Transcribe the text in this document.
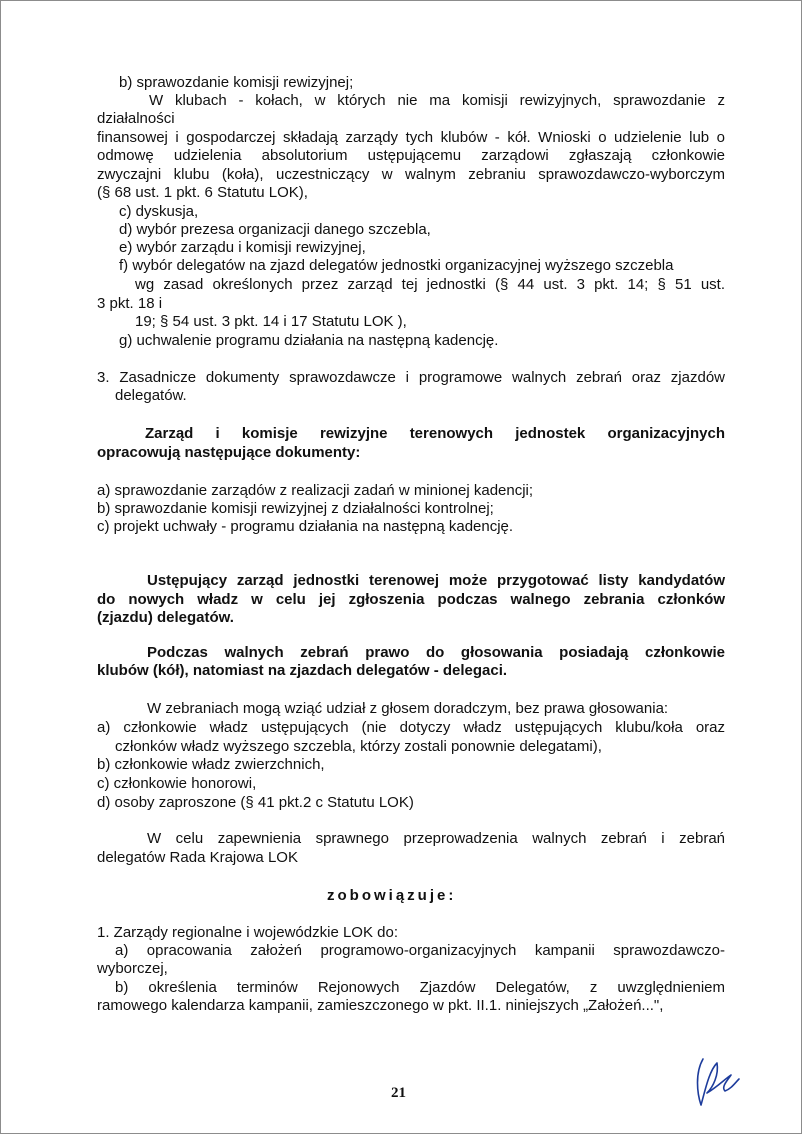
b) sprawozdanie komisji rewizyjnej;
W klubach - kołach, w których nie ma komisji rewizyjnych, sprawozdanie z
działalności
finansowej i gospodarczej składają zarządy tych klubów - kół. Wnioski o udzielenie lub o
odmowę udzielenia absolutorium ustępującemu zarządowi zgłaszają członkowie
zwyczajni klubu (koła), uczestniczący w walnym zebraniu sprawozdawczo-wyborczym
(§ 68 ust. 1 pkt. 6 Statutu LOK),
c) dyskusja,
d) wybór prezesa organizacji danego szczebla,
e) wybór zarządu i komisji rewizyjnej,
f) wybór delegatów na zjazd delegatów jednostki organizacyjnej wyższego szczebla
wg zasad określonych przez zarząd tej jednostki (§ 44 ust. 3 pkt. 14; § 51 ust.
3 pkt. 18 i
19; § 54 ust. 3 pkt. 14 i 17 Statutu LOK ),
g) uchwalenie programu działania na następną kadencję.
3. Zasadnicze dokumenty sprawozdawcze i programowe walnych zebrań oraz zjazdów
delegatów.
Zarząd i komisje rewizyjne terenowych jednostek organizacyjnych
opracowują następujące dokumenty:
a) sprawozdanie zarządów z realizacji zadań w minionej kadencji;
b) sprawozdanie komisji rewizyjnej z działalności kontrolnej;
c) projekt uchwały - programu działania na następną kadencję.
Ustępujący zarząd jednostki terenowej może przygotować listy kandydatów
do nowych władz w celu jej zgłoszenia podczas walnego zebrania członków
(zjazdu) delegatów.
Podczas walnych zebrań prawo do głosowania posiadają członkowie
klubów (kół), natomiast na zjazdach delegatów - delegaci.
W zebraniach mogą wziąć udział z głosem doradczym, bez prawa głosowania:
a) członkowie władz ustępujących (nie dotyczy władz ustępujących klubu/koła oraz
członków władz wyższego szczebla, którzy zostali ponownie delegatami),
b) członkowie władz zwierzchnich,
c) członkowie honorowi,
d) osoby zaproszone (§ 41 pkt.2 c Statutu LOK)
W celu zapewnienia sprawnego przeprowadzenia walnych zebrań i zebrań
delegatów Rada Krajowa LOK
zobowiązuje:
1. Zarządy regionalne i wojewódzkie LOK do:
a) opracowania założeń programowo-organizacyjnych kampanii sprawozdawczo-
wyborczej,
b) określenia terminów Rejonowych Zjazdów Delegatów, z uwzględnieniem
ramowego kalendarza kampanii, zamieszczonego w pkt. II.1. niniejszych „Założeń...",
21
